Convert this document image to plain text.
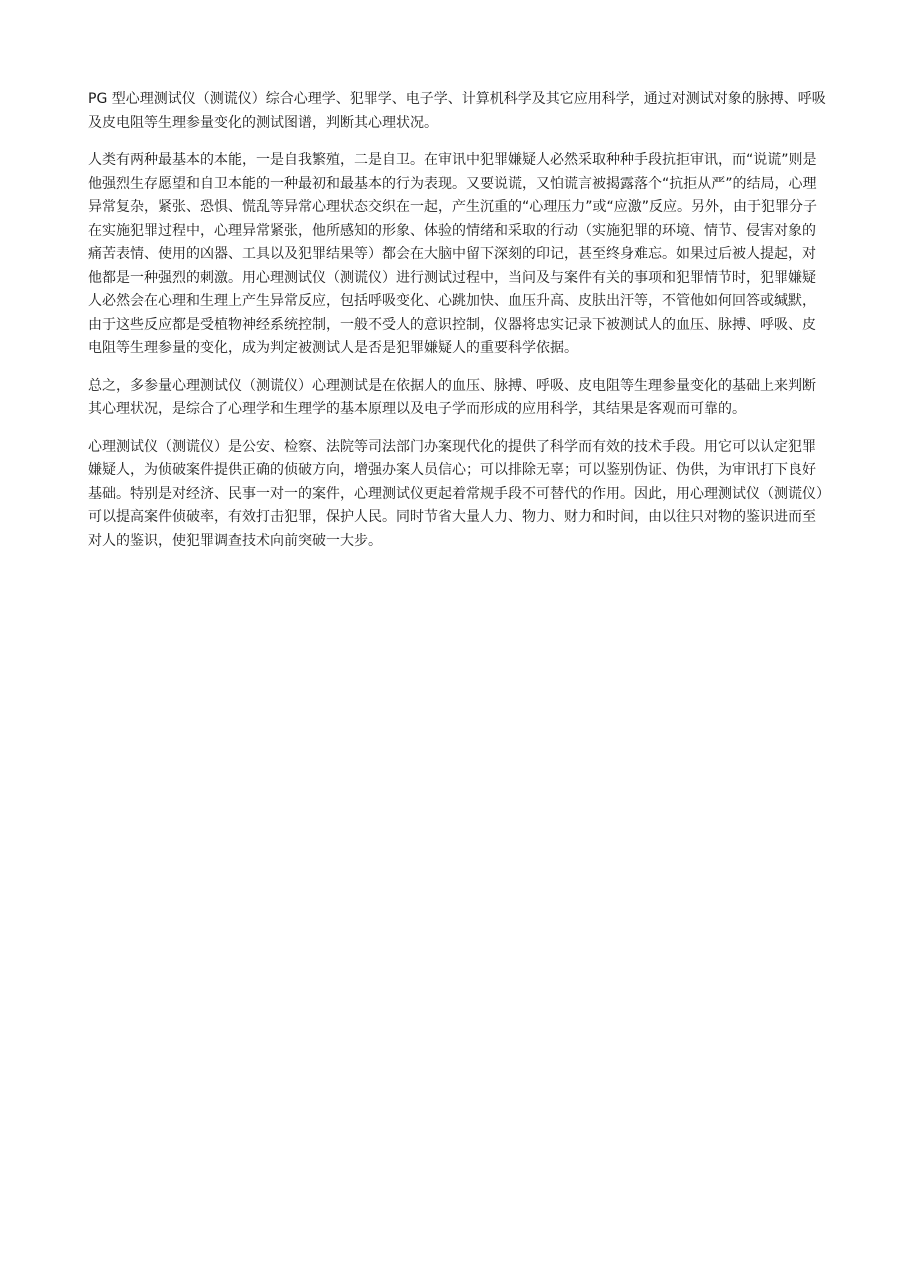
PG 型心理测试仪（测谎仪）综合心理学、犯罪学、电子学、计算机科学及其它应用科学，通过对测试对象的脉搏、呼吸及皮电阻等生理参量变化的测试图谱，判断其心理状况。

人类有两种最基本的本能，一是自我繁殖，二是自卫。在审讯中犯罪嫌疑人必然采取种种手段抗拒审讯，而“说谎”则是他强烈生存愿望和自卫本能的一种最初和最基本的行为表现。又要说谎，又怕谎言被揭露落个“抗拒从严”的结局，心理异常复杂，紧张、恐惧、慌乱等异常心理状态交织在一起，产生沉重的“心理压力”或“应激”反应。另外，由于犯罪分子在实施犯罪过程中，心理异常紧张，他所感知的形象、体验的情绪和采取的行动（实施犯罪的环境、情节、侵害对象的痛苦表情、使用的凶器、工具以及犯罪结果等）都会在大脑中留下深刻的印记，甚至终身难忘。如果过后被人提起，对他都是一种强烈的刺激。用心理测试仪（测谎仪）进行测试过程中，当问及与案件有关的事项和犯罪情节时，犯罪嫌疑人必然会在心理和生理上产生异常反应，包括呼吸变化、心跳加快、血压升高、皮肤出汗等，不管他如何回答或缄默，由于这些反应都是受植物神经系统控制，一般不受人的意识控制，仪器将忠实记录下被测试人的血压、脉搏、呼吸、皮电阻等生理参量的变化，成为判定被测试人是否是犯罪嫌疑人的重要科学依据。

总之，多参量心理测试仪（测谎仪）心理测试是在依据人的血压、脉搏、呼吸、皮电阻等生理参量变化的基础上来判断其心理状况，是综合了心理学和生理学的基本原理以及电子学而形成的应用科学，其结果是客观而可靠的。

心理测试仪（测谎仪）是公安、检察、法院等司法部门办案现代化的提供了科学而有效的技术手段。用它可以认定犯罪嫌疑人，为侦破案件提供正确的侦破方向，增强办案人员信心；可以排除无辜；可以鉴别伪证、伪供，为审讯打下良好基础。特别是对经济、民事一对一的案件，心理测试仪更起着常规手段不可替代的作用。因此，用心理测试仪（测谎仪）可以提高案件侦破率，有效打击犯罪，保护人民。同时节省大量人力、物力、财力和时间，由以往只对物的鉴识进而至对人的鉴识，使犯罪调查技术向前突破一大步。
